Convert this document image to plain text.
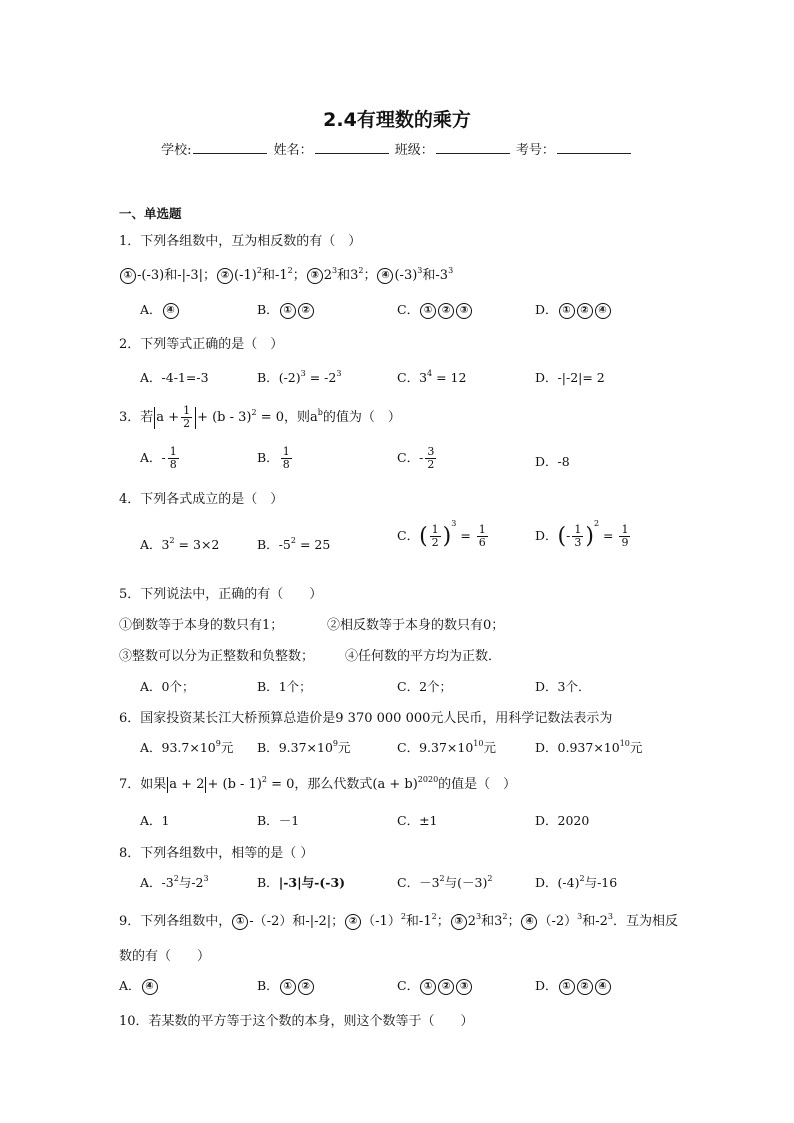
2.4有理数的乘方
学校:	姓名：	班级：	考号：
一、单选题
1．下列各组数中，互为相反数的有（　）
① -(-3)和-|-3|； ② $(-1)^2$和$-1^2$； ③ $2^3$和$3^2$； ④ $(-3)^3$和$-3^3$
A． ④	B． ① ②	C． ① ② ③	D． ① ② ④
2．下列等式正确的是（　）
A．-4-1=-3	B．$(-2)^3 = -2^3$	C．$3^4 = 12$	D．-|-2|= 2
3．若 $a + \frac{1}{2} + (b - 3)^2 = 0$，则$a^b$的值为（　）
A．- $\frac{1}{8}$	B． $\frac{1}{8}$	C．- $\frac{3}{2}$	D．-8
4．下列各式成立的是（　）
A．$3^2 = 3\times 2$	B．$-5^2 = 25$
C．( $\frac{1}{2} )^3 = \frac{1}{6}$	D．(- $\frac{1}{3} )^2 = \frac{1}{9}$
5．下列说法中，正确的有（　　）
①倒数等于本身的数只有1；	②相反数等于本身的数只有0；
③整数可以分为正整数和负整数； ④任何数的平方均为正数．
A．0个；	B．1个；	C．2个；	D．3个．
6．国家投资某长江大桥预算总造价是9 370 000 000元人民币，用科学记数法表示为
A．$93.7\times 10^9$元 B．$9.37\times 10^9$元	C．$9.37\times 10^{10}$元	D．$0.937\times 10^{10}$元
7．如果 a + 2 + (b - 1)$^2$ = 0，那么代数式$(a + b)^{2020}$的值是（　）
A．1	B．－1	C．±1	D．2020
8．下列各组数中，相等的是（ ）
A．$-3^2$与$-2^3$	B．|-3|与-(-3)	C．$-3^2$与$(-3)^2$	D．$(-4)^2$与-16
9．下列各组数中， ① -（-2）和-|-2|； ② $(-1)^2$和$-1^2$； ③ $2^3$和$3^2$； ④ $(-2)^3$和$-2^3$．互为相反
数的有（　　）
A． ④	B． ① ②	C． ① ② ③	D． ① ② ④
10．若某数的平方等于这个数的本身，则这个数等于（　　）
